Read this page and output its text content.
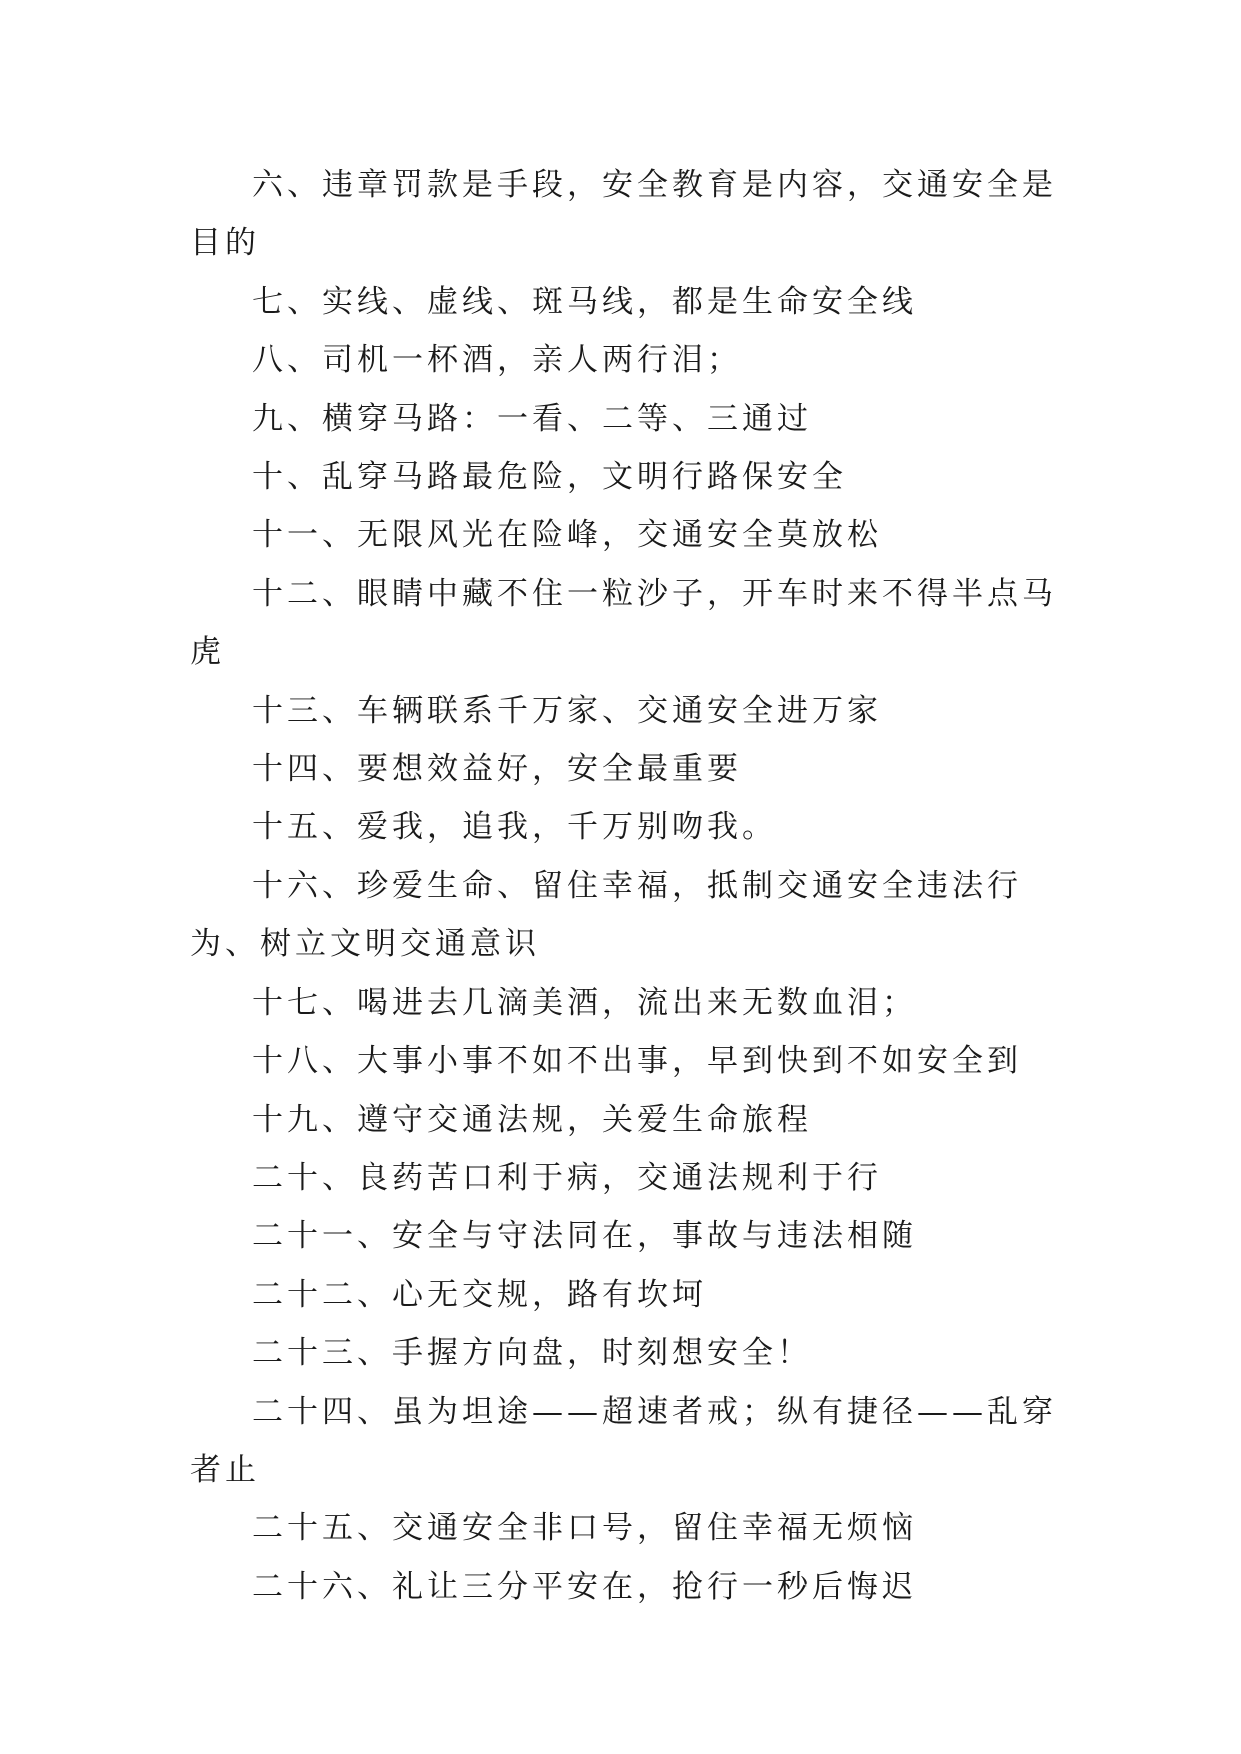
六、违章罚款是手段，安全教育是内容，交通安全是目的

七、实线、虚线、斑马线，都是生命安全线

八、司机一杯酒，亲人两行泪；

九、横穿马路：一看、二等、三通过

十、乱穿马路最危险，文明行路保安全

十一、无限风光在险峰，交通安全莫放松

十二、眼睛中藏不住一粒沙子，开车时来不得半点马虎

十三、车辆联系千万家、交通安全进万家

十四、要想效益好，安全最重要

十五、爱我，追我，千万别吻我。

十六、珍爱生命、留住幸福，抵制交通安全违法行为、树立文明交通意识

十七、喝进去几滴美酒，流出来无数血泪；

十八、大事小事不如不出事，早到快到不如安全到

十九、遵守交通法规，关爱生命旅程

二十、良药苦口利于病，交通法规利于行

二十一、安全与守法同在，事故与违法相随

二十二、心无交规，路有坎坷

二十三、手握方向盘，时刻想安全！

二十四、虽为坦途——超速者戒；纵有捷径——乱穿者止

二十五、交通安全非口号，留住幸福无烦恼

二十六、礼让三分平安在，抢行一秒后悔迟
